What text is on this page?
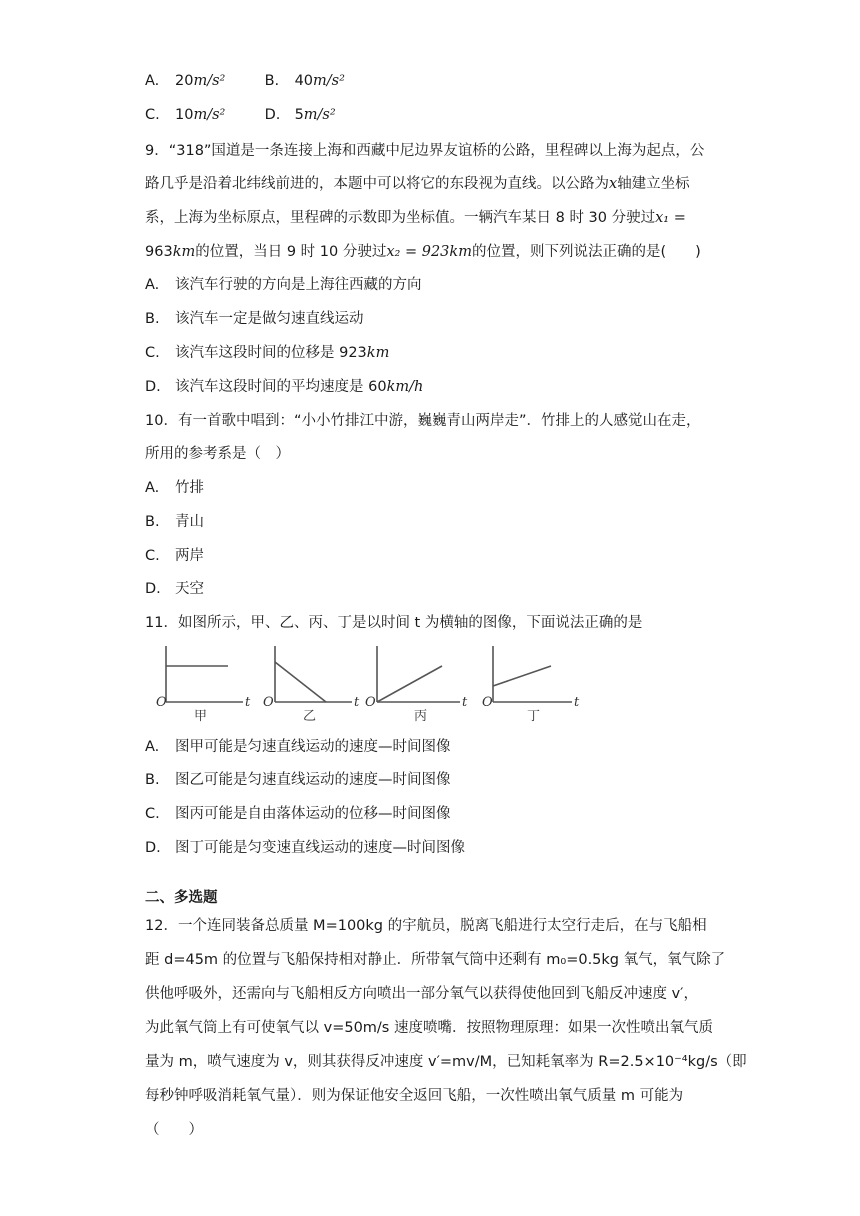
A. 20m/s²	B. 40m/s²
C. 10m/s²	D. 5m/s²
9．“318”国道是一条连接上海和西藏中尼边界友谊桥的公路，里程碑以上海为起点，公
路几乎是沿着北纬线前进的，本题中可以将它的东段视为直线。以公路为x轴建立坐标
系，上海为坐标原点，里程碑的示数即为坐标值。一辆汽车某日 8 时 30 分驶过x₁ =
963km的位置，当日 9 时 10 分驶过x₂ = 923km的位置，则下列说法正确的是(　　)
A. 该汽车行驶的方向是上海往西藏的方向
B. 该汽车一定是做匀速直线运动
C. 该汽车这段时间的位移是 923km
D. 该汽车这段时间的平均速度是 60km/h
10．有一首歌中唱到：“小小竹排江中游，巍巍青山两岸走”．竹排上的人感觉山在走，
所用的参考系是（　）
A. 竹排
B. 青山
C. 两岸
D. 天空
11．如图所示，甲、乙、丙、丁是以时间 t 为横轴的图像，下面说法正确的是
O	t O	t O	t O	t
甲	乙	丙	丁
A. 图甲可能是匀速直线运动的速度—时间图像
B. 图乙可能是匀速直线运动的速度—时间图像
C. 图丙可能是自由落体运动的位移—时间图像
D. 图丁可能是匀变速直线运动的速度—时间图像
二、多选题
12．一个连同装备总质量 M=100kg 的宇航员，脱离飞船进行太空行走后，在与飞船相
距 d=45m 的位置与飞船保持相对静止．所带氧气筒中还剩有 m₀=0.5kg 氧气，氧气除了
供他呼吸外，还需向与飞船相反方向喷出一部分氧气以获得使他回到飞船反冲速度 v′，
为此氧气筒上有可使氧气以 v=50m/s 速度喷嘴．按照物理原理：如果一次性喷出氧气质
量为 m，喷气速度为 v，则其获得反冲速度 v′=mv/M，已知耗氧率为 R=2.5×10⁻⁴kg/s（即
每秒钟呼吸消耗氧气量）．则为保证他安全返回飞船，一次性喷出氧气质量 m 可能为
（　　）
